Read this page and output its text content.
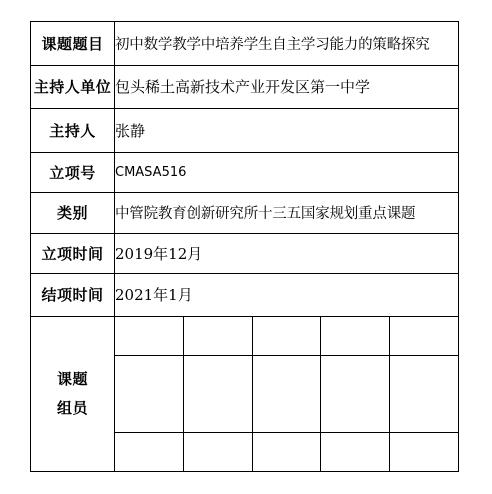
课题题目	初中数学教学中培养学生自主学习能力的策略探究
主持人单位	包头稀土高新技术产业开发区第一中学
主持人	张静
立项号	CMASA516
类别	中管院教育创新研究所十三五国家规划重点课题
立项时间	2019年12月
结项时间	2021年1月

课题
组员
